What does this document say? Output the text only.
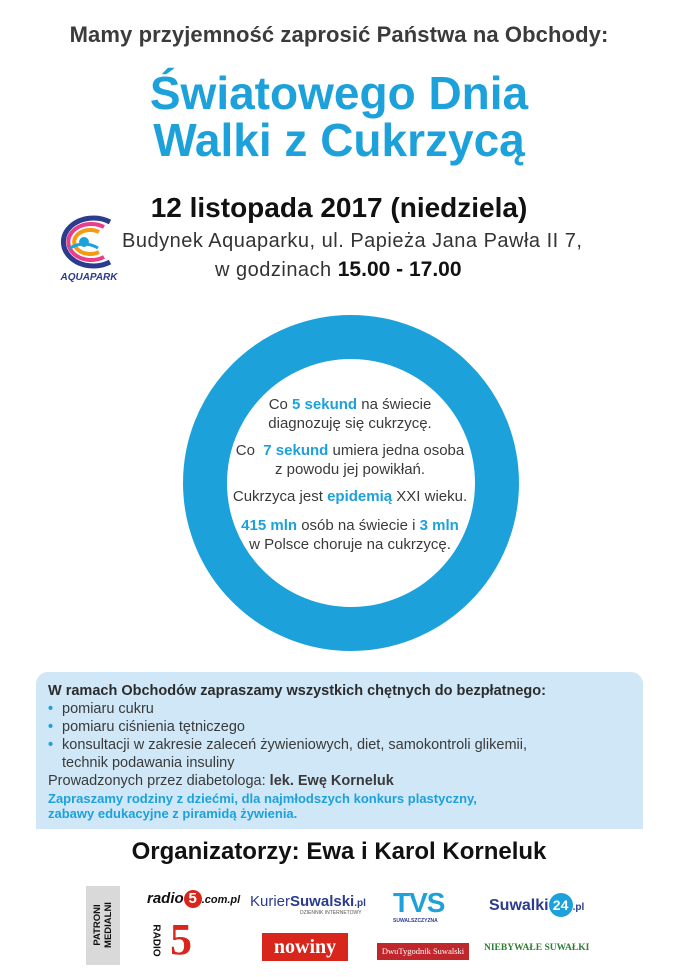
Mamy przyjemność zaprosić Państwa na Obchody:
Światowego Dnia
Walki z Cukrzycą
12 listopada 2017 (niedziela)
AQUAPARK
Budynek Aquaparku, ul. Papieża Jana Pawła II 7,
w godzinach 15.00 - 17.00
Co 5 sekund na świecie
diagnozuję się cukrzycę.
Co 7 sekund umiera jedna osoba
z powodu jej powikłań.
Cukrzyca jest epidemią XXI wieku.
415 mln osób na świecie i 3 mln
w Polsce choruje na cukrzycę.
W ramach Obchodów zapraszamy wszystkich chętnych do bezpłatnego:
• pomiaru cukru
• pomiaru ciśnienia tętniczego
• konsultacji w zakresie zaleceń żywieniowych, diet, samokontroli glikemii, technik podawania insuliny
Prowadzonych przez diabetologa: lek. Ewę Korneluk
Zapraszamy rodziny z dziećmi, dla najmłodszych konkurs plastyczny,
zabawy edukacyjne z piramidą żywienia.
Organizatorzy: Ewa i Karol Korneluk
PATRONI MEDIALNI
radio 5 .com.pl
RADIO 5
KurierSuwalski.pl
DZIENNIK INTERNETOWY
nowiny
TVS
SUWALSZCZYZNA
DwuTygodnik Suwalski
Suwalki 24 .pl
NIEBYWAŁE SUWAŁKI
